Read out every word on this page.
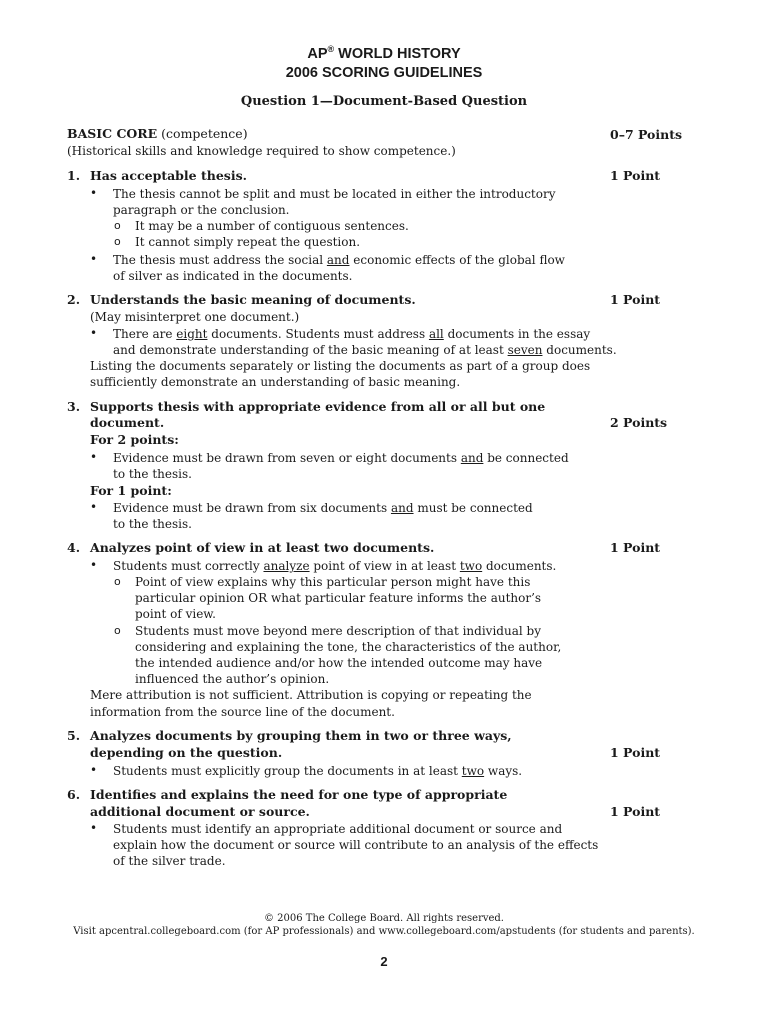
AP® WORLD HISTORY
2006 SCORING GUIDELINES
Question 1—Document-Based Question
BASIC CORE (competence)	0–7 Points
(Historical skills and knowledge required to show competence.)
1. Has acceptable thesis.	1 Point
• The thesis cannot be split and must be located in either the introductory
paragraph or the conclusion.
o It may be a number of contiguous sentences.
o It cannot simply repeat the question.
• The thesis must address the social and economic effects of the global flow
of silver as indicated in the documents.
2. Understands the basic meaning of documents.	1 Point
(May misinterpret one document.)
• There are eight documents. Students must address all documents in the essay
and demonstrate understanding of the basic meaning of at least seven documents.
Listing the documents separately or listing the documents as part of a group does
sufficiently demonstrate an understanding of basic meaning.
3. Supports thesis with appropriate evidence from all or all but one
document.	2 Points
For 2 points:
• Evidence must be drawn from seven or eight documents and be connected
to the thesis.
For 1 point:
• Evidence must be drawn from six documents and must be connected
to the thesis.
4. Analyzes point of view in at least two documents.	1 Point
• Students must correctly analyze point of view in at least two documents.
o Point of view explains why this particular person might have this
particular opinion OR what particular feature informs the author’s
point of view.
o Students must move beyond mere description of that individual by
considering and explaining the tone, the characteristics of the author,
the intended audience and/or how the intended outcome may have
influenced the author’s opinion.
Mere attribution is not sufficient. Attribution is copying or repeating the
information from the source line of the document.
5. Analyzes documents by grouping them in two or three ways,
depending on the question.	1 Point
• Students must explicitly group the documents in at least two ways.
6. Identifies and explains the need for one type of appropriate
additional document or source.	1 Point
• Students must identify an appropriate additional document or source and
explain how the document or source will contribute to an analysis of the effects
of the silver trade.
© 2006 The College Board. All rights reserved.
Visit apcentral.collegeboard.com (for AP professionals) and www.collegeboard.com/apstudents (for students and parents).
2
